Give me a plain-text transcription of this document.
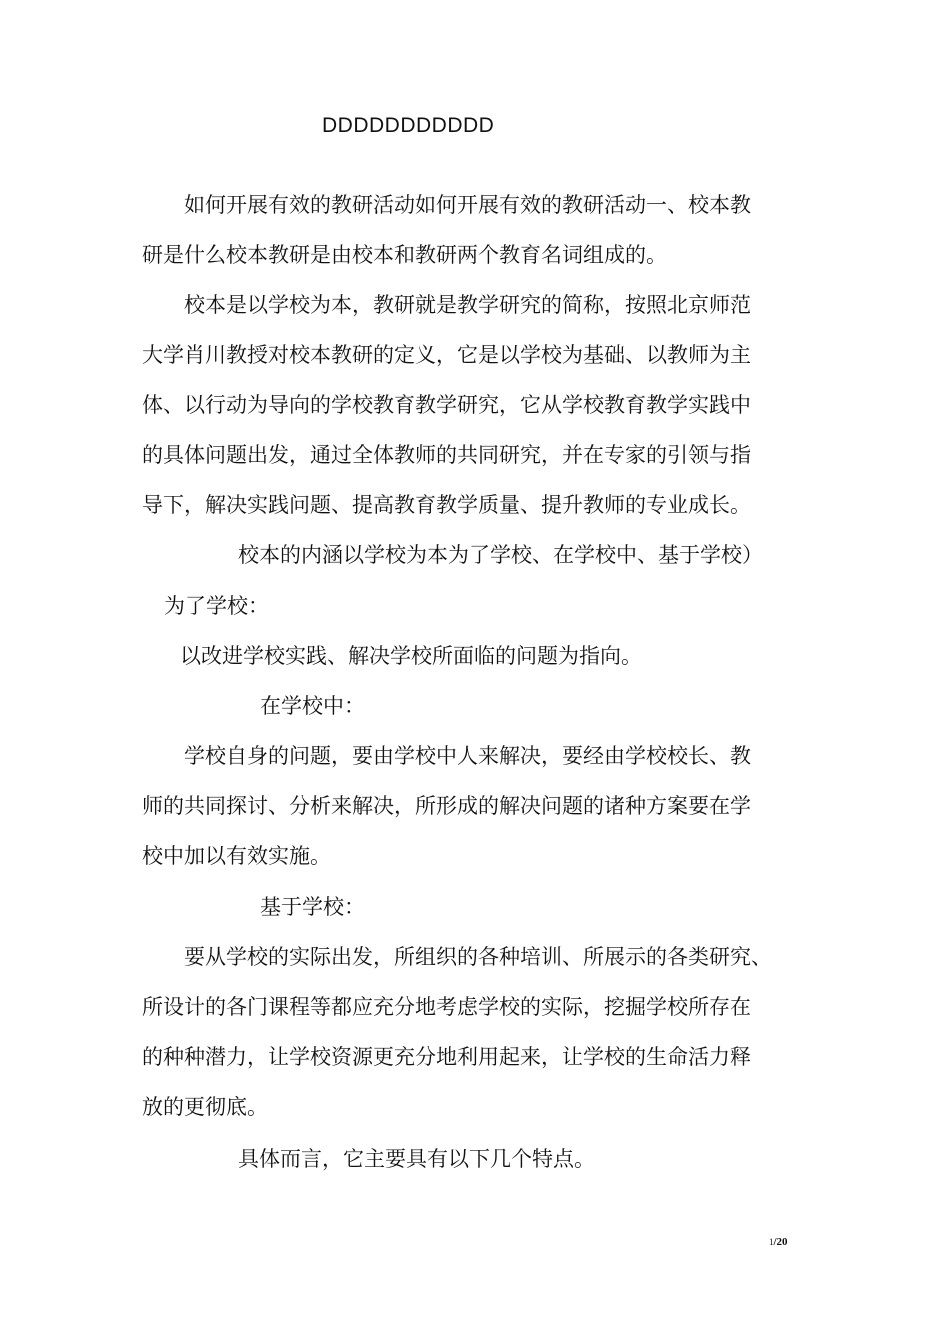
DDDDDDDDDDD
如何开展有效的教研活动如何开展有效的教研活动一、校本教
研是什么校本教研是由校本和教研两个教育名词组成的。
校本是以学校为本，教研就是教学研究的简称，按照北京师范
大学肖川教授对校本教研的定义，它是以学校为基础、以教师为主
体、以行动为导向的学校教育教学研究，它从学校教育教学实践中
的具体问题出发，通过全体教师的共同研究，并在专家的引领与指
导下，解决实践问题、提高教育教学质量、提升教师的专业成长。
校本的内涵以学校为本为了学校、在学校中、基于学校）
为了学校：
以改进学校实践、解决学校所面临的问题为指向。
在学校中：
学校自身的问题，要由学校中人来解决，要经由学校校长、教
师的共同探讨、分析来解决，所形成的解决问题的诸种方案要在学
校中加以有效实施。
基于学校：
要从学校的实际出发，所组织的各种培训、所展示的各类研究、
所设计的各门课程等都应充分地考虑学校的实际，挖掘学校所存在
的种种潜力，让学校资源更充分地利用起来，让学校的生命活力释
放的更彻底。
具体而言，它主要具有以下几个特点。
1/20
